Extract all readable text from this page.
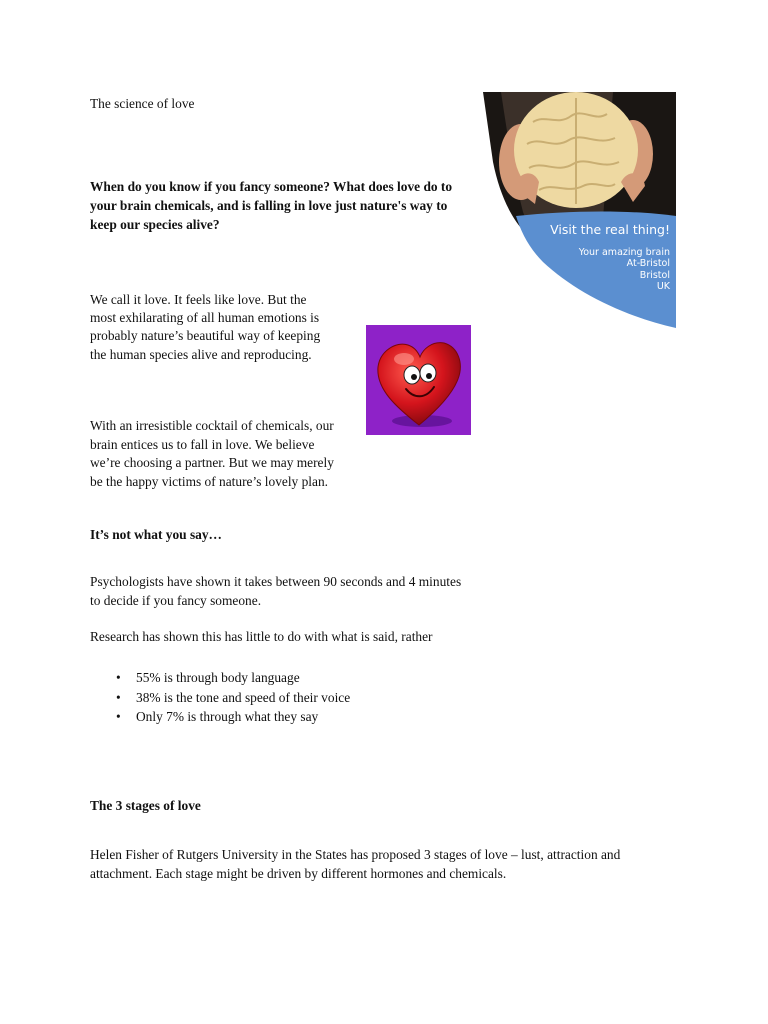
The science of love

When do you know if you fancy someone? What does love do to your brain chemicals, and is falling in love just nature's way to keep our species alive?

We call it love. It feels like love. But the
most exhilarating of all human emotions is
probably nature’s beautiful way of keeping
the human species alive and reproducing.
With an irresistible cocktail of chemicals, our
brain entices us to fall in love. We believe
we’re choosing a partner. But we may merely
be the happy victims of nature’s lovely plan.

It’s not what you say…

Psychologists have shown it takes between 90 seconds and 4 minutes to decide if you fancy someone.

Research has shown this has little to do with what is said, rather

• 55% is through body language
• 38% is the tone and speed of their voice
• Only 7% is through what they say

The 3 stages of love

Helen Fisher of Rutgers University in the States has proposed 3 stages of love – lust, attraction and attachment. Each stage might be driven by different hormones and chemicals.

Visit the real thing!
Your amazing brain
At-Bristol
Bristol
UK
